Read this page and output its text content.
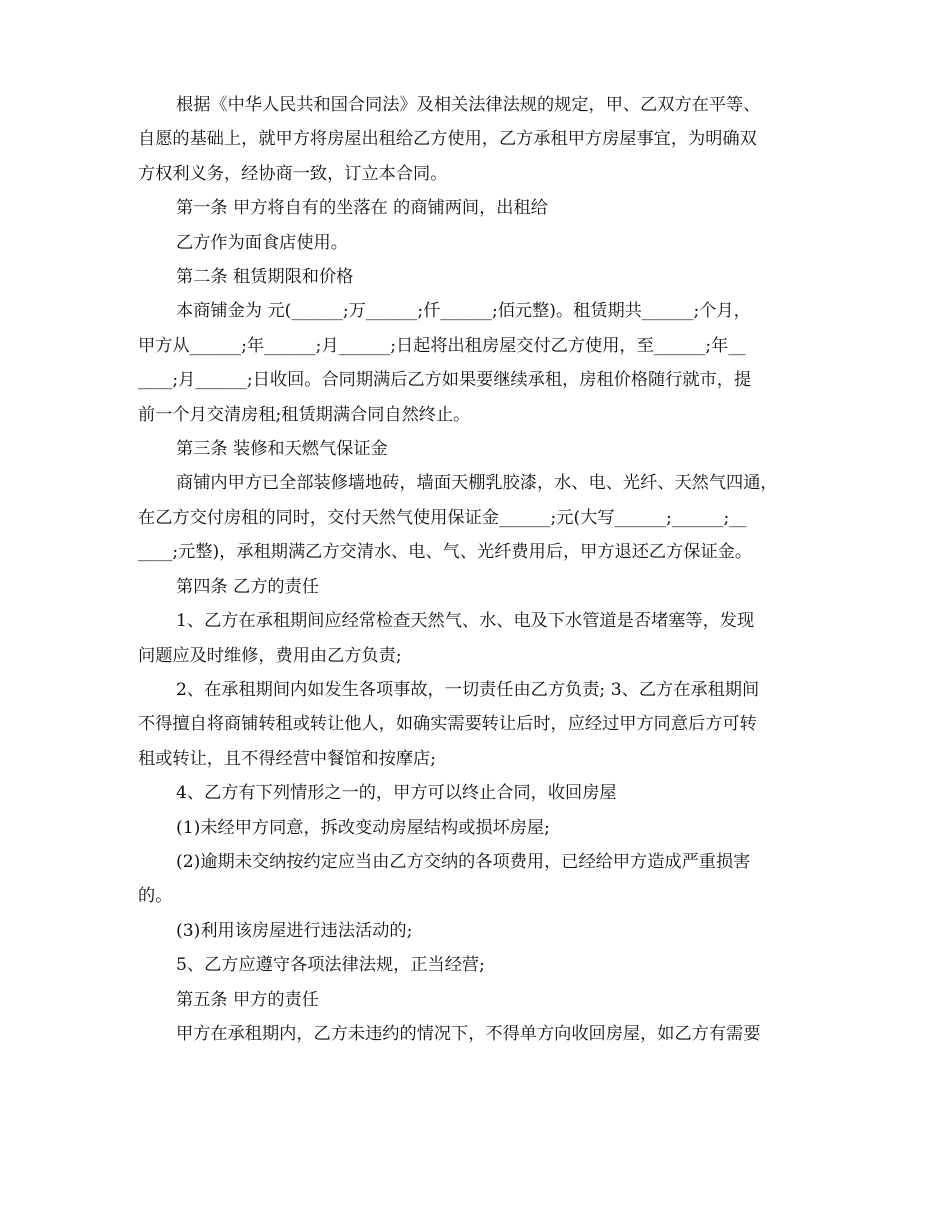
根据《中华人民共和国合同法》及相关法律法规的规定，甲、乙双方在平等、

自愿的基础上，就甲方将房屋出租给乙方使用，乙方承租甲方房屋事宜，为明确双

方权利义务，经协商一致，订立本合同。

第一条 甲方将自有的坐落在 的商铺两间，出租给

乙方作为面食店使用。

第二条 租赁期限和价格

本商铺金为 元(______;万______;仟______;佰元整)。租赁期共______;个月，

甲方从______;年______;月______;日起将出租房屋交付乙方使用，至______;年__

____;月______;日收回。合同期满后乙方如果要继续承租，房租价格随行就市，提

前一个月交清房租;租赁期满合同自然终止。

第三条 装修和天燃气保证金

商铺内甲方已全部装修墙地砖，墙面天棚乳胶漆，水、电、光纤、天然气四通，

在乙方交付房租的同时，交付天然气使用保证金______;元(大写______;______;__

____;元整)，承租期满乙方交清水、电、气、光纤费用后，甲方退还乙方保证金。

第四条 乙方的责任

1、乙方在承租期间应经常检查天然气、水、电及下水管道是否堵塞等，发现

问题应及时维修，费用由乙方负责;

2、在承租期间内如发生各项事故，一切责任由乙方负责; 3、乙方在承租期间

不得擅自将商铺转租或转让他人，如确实需要转让后时，应经过甲方同意后方可转

租或转让，且不得经营中餐馆和按摩店;

4、乙方有下列情形之一的，甲方可以终止合同，收回房屋

(1)未经甲方同意，拆改变动房屋结构或损坏房屋;

(2)逾期未交纳按约定应当由乙方交纳的各项费用，已经给甲方造成严重损害

的。

(3)利用该房屋进行违法活动的;

5、乙方应遵守各项法律法规，正当经营;

第五条 甲方的责任

甲方在承租期内，乙方未违约的情况下，不得单方向收回房屋，如乙方有需要
